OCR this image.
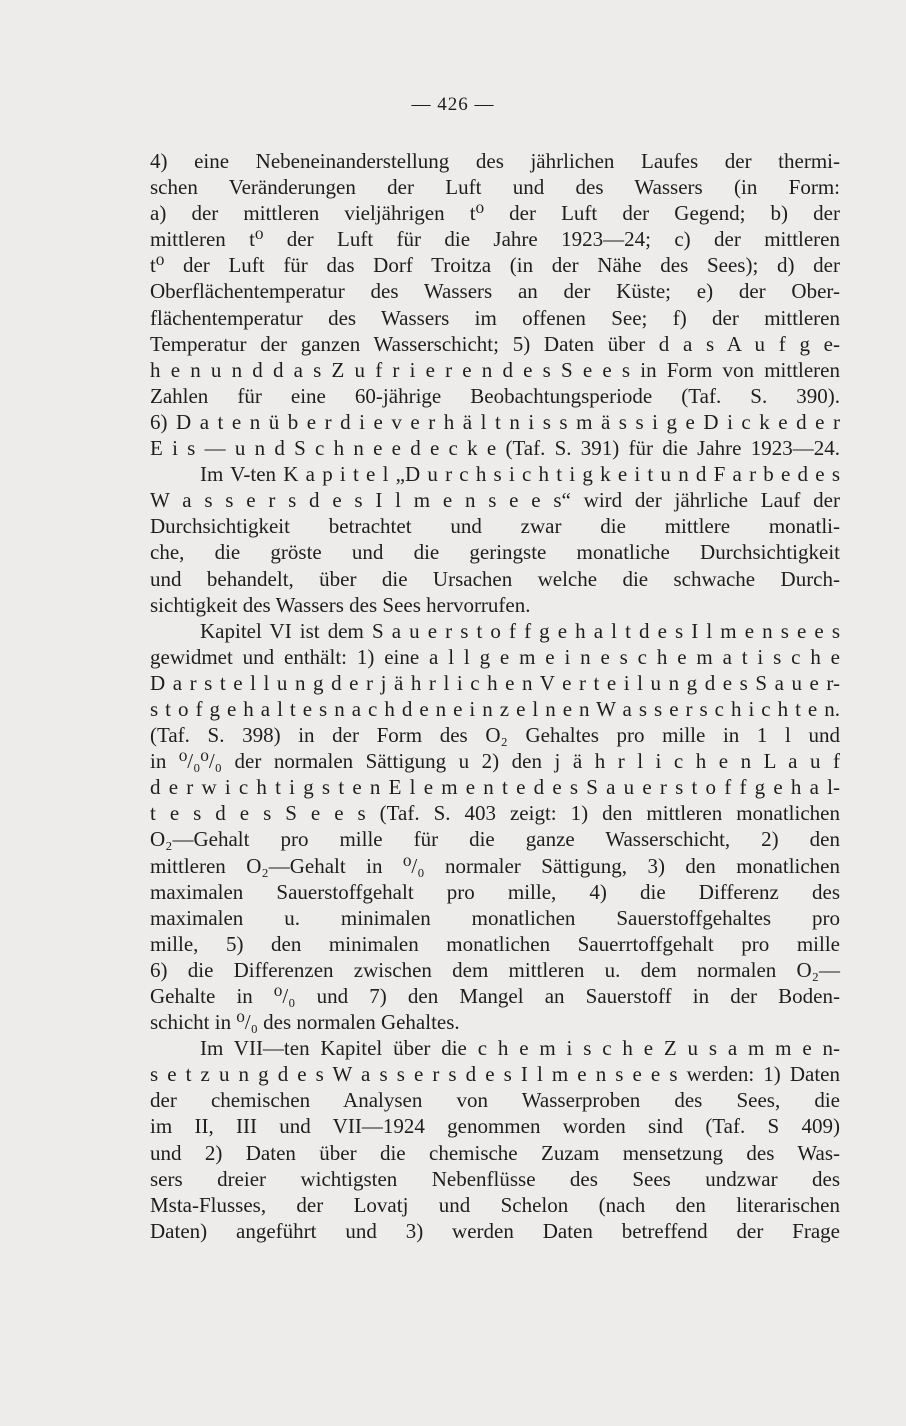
— 426 —
4) eine Nebeneinanderstellung des jährlichen Laufes der thermi-
schen Veränderungen der Luft und des Wassers (in Form:
a) der mittleren vieljährigen t⁰ der Luft der Gegend; b) der
mittleren t⁰ der Luft für die Jahre 1923—24; c) der mittleren
t⁰ der Luft für das Dorf Troitza (in der Nähe des Sees); d) der
Oberflächentemperatur des Wassers an der Küste; e) der Ober-
flächentemperatur des Wassers im offenen See; f) der mittleren
Temperatur der ganzen Wasserschicht; 5) Daten über d a s A u f g e-
h e n u n d d a s Z u f r i e r e n d e s S e e s in Form von mittleren
Zahlen für eine 60-jährige Beobachtungsperiode (Taf. S. 390).
6) D a t e n ü b e r d i e v e r h ä l t n i s s m ä s s i g e D i c k e d e r
E i s — u n d S c h n e e d e c k e (Taf. S. 391) für die Jahre 1923—24.
Im V-ten K a p i t e l „D u r c h s i c h t i g k e i t u n d F a r b e d e s
W a s s e r s d e s I l m e n s e e s“ wird der jährliche Lauf der
Durchsichtigkeit betrachtet und zwar die mittlere monatli-
che, die gröste und die geringste monatliche Durchsichtigkeit
und behandelt, über die Ursachen welche die schwache Durch-
sichtigkeit des Wassers des Sees hervorrufen.
Kapitel VI ist dem S a u e r s t o f f g e h a l t d e s I l m e n s e e s
gewidmet und enthält: 1) eine a l l g e m e i n e s c h e m a t i s c h e
D a r s t e l l u n g d e r j ä h r l i c h e n V e r t e i l u n g d e s S a u e r-
s t o f g e h a l t e s n a c h d e n e i n z e l n e n W a s s e r s c h i c h t e n.
(Taf. S. 398) in der Form des O₂ Gehaltes pro mille in 1 l und
in ⁰/₀⁰/₀ der normalen Sättigung u 2) den j ä h r l i c h e n L a u f
d e r w i c h t i g s t e n E l e m e n t e d e s S a u e r s t o f f g e h a l-
t e s d e s S e e s (Taf. S. 403 zeigt: 1) den mittleren monatlichen
O₂—Gehalt pro mille für die ganze Wasserschicht, 2) den
mittleren O₂—Gehalt in ⁰/₀ normaler Sättigung, 3) den monatlichen
maximalen Sauerstoffgehalt pro mille, 4) die Differenz des
maximalen u. minimalen monatlichen Sauerstoffgehaltes pro
mille, 5) den minimalen monatlichen Sauerrtoffgehalt pro mille
6) die Differenzen zwischen dem mittleren u. dem normalen O₂—
Gehalte in ⁰/₀ und 7) den Mangel an Sauerstoff in der Boden-
schicht in ⁰/₀ des normalen Gehaltes.
Im VII—ten Kapitel über die c h e m i s c h e Z u s a m m e n-
s e t z u n g d e s W a s s e r s d e s I l m e n s e e s werden: 1) Daten
der chemischen Analysen von Wasserproben des Sees, die
im II, III und VII—1924 genommen worden sind (Taf. S 409)
und 2) Daten über die chemische Zuzam mensetzung des Was-
sers dreier wichtigsten Nebenflüsse des Sees undzwar des
Msta-Flusses, der Lovatj und Schelon (nach den literarischen
Daten) angeführt und 3) werden Daten betreffend der Frage
